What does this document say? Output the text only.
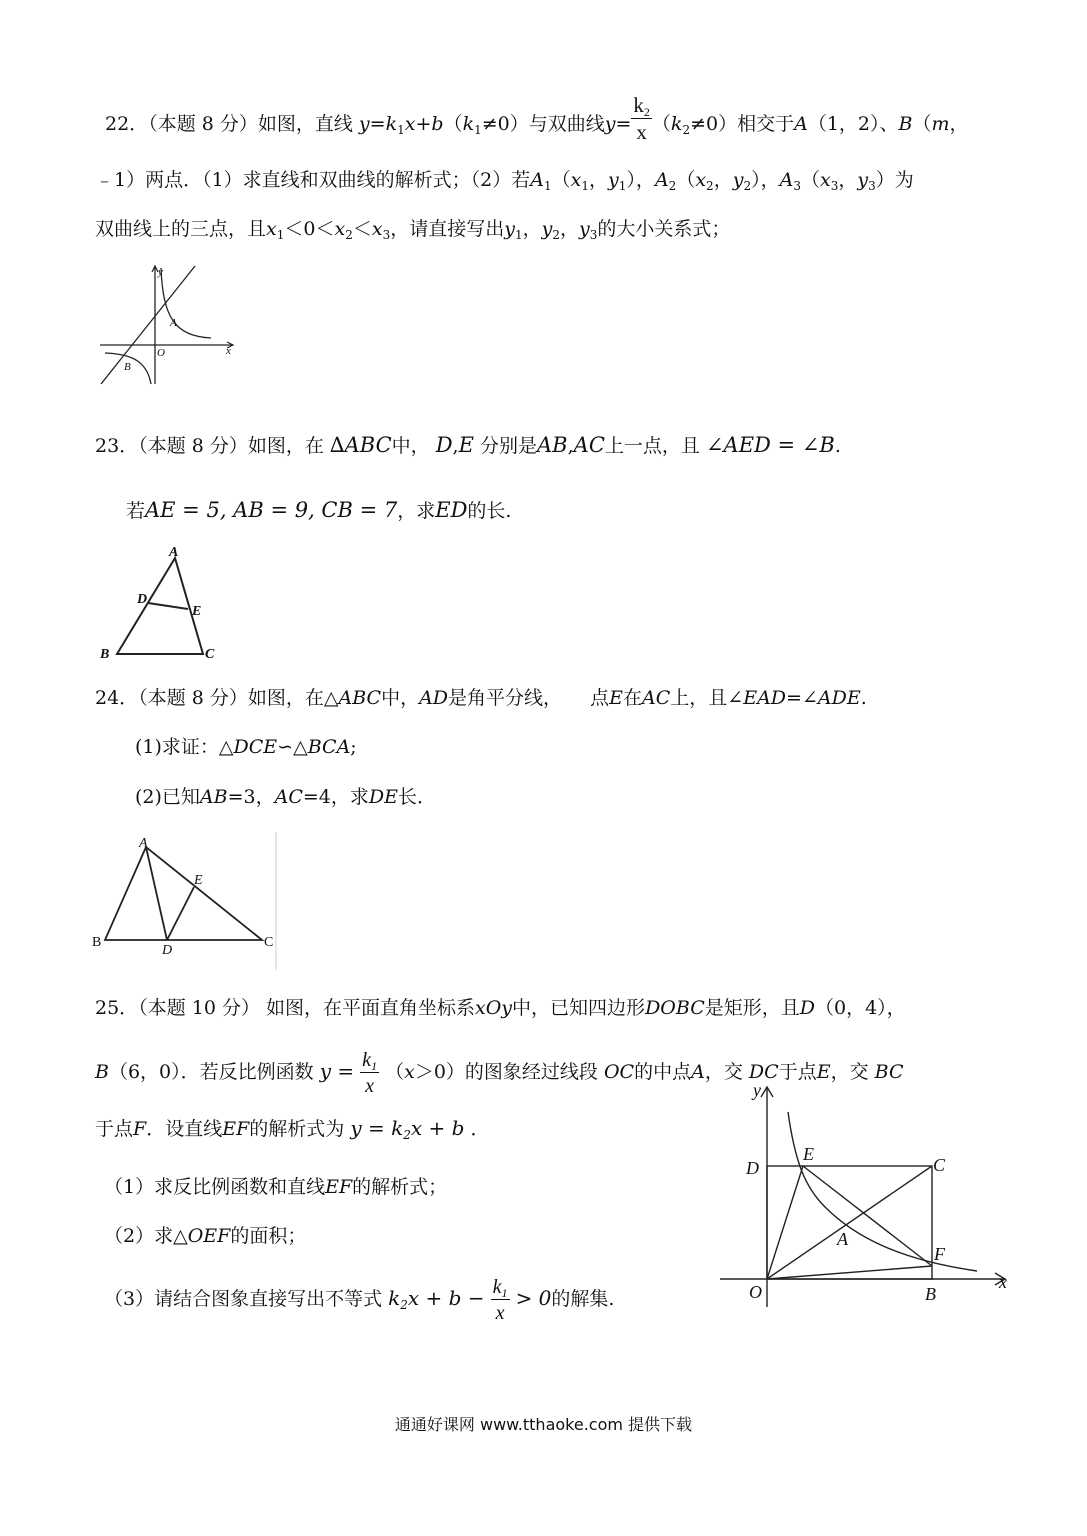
22．（本题 8 分）如图，直线 $y=k_1x+b(k_1\ne 0)$与双曲线$y= \frac{k_2}{x} (k_2\ne 0)$相交于A（1，2）、B（m，
﹣1）两点．（1）求直线和双曲线的解析式；（2）若$A_1(x_1$，$y_1$），$A_2(x_2$，$y_2$），$A_3(x_3$，$y_3$）为
双曲线上的三点，且$x_1<0<x_2<x_3$，请直接写出$y_1$，$y_2$，$y_3$的大小关系式；
y
x
O
A
B
23．（本题 8 分）如图，在 ∆ABC中， D,E 分别是AB,AC上一点，且 ∠AED = ∠B.
若AE = 5, AB = 9, CB = 7，求ED的长.
A
B	C
D
E
24．（本题 8 分）如图，在△ABC中，AD是角平分线， 点E在AC上，且∠EAD=∠ADE.
(1)求证：△DCE∽△BCA;
(2)已知AB=3，AC=4，求DE长．
A
B	C
D
E
25．（本题 10 分） 如图，在平面直角坐标系xOy中，已知四边形DOBC是矩形，且D（0，4），
B（6，0）．若反比例函数 $y = \frac{k_1}{x} (x>0)$的图象经过线段 OC的中点A，交 DC于点E，交 BC
于点F．设直线EF的解析式为 $y = k_2x + b$ ．
（1）求反比例函数和直线EF的解析式；
（2）求△OEF的面积；
（3）请结合图象直接写出不等式 $k_2x + b - \frac{k_1}{x} > 0$的解集.
y
x
O	B
C
D
E
F
A
通通好课网 www.tthaoke.com 提供下载
